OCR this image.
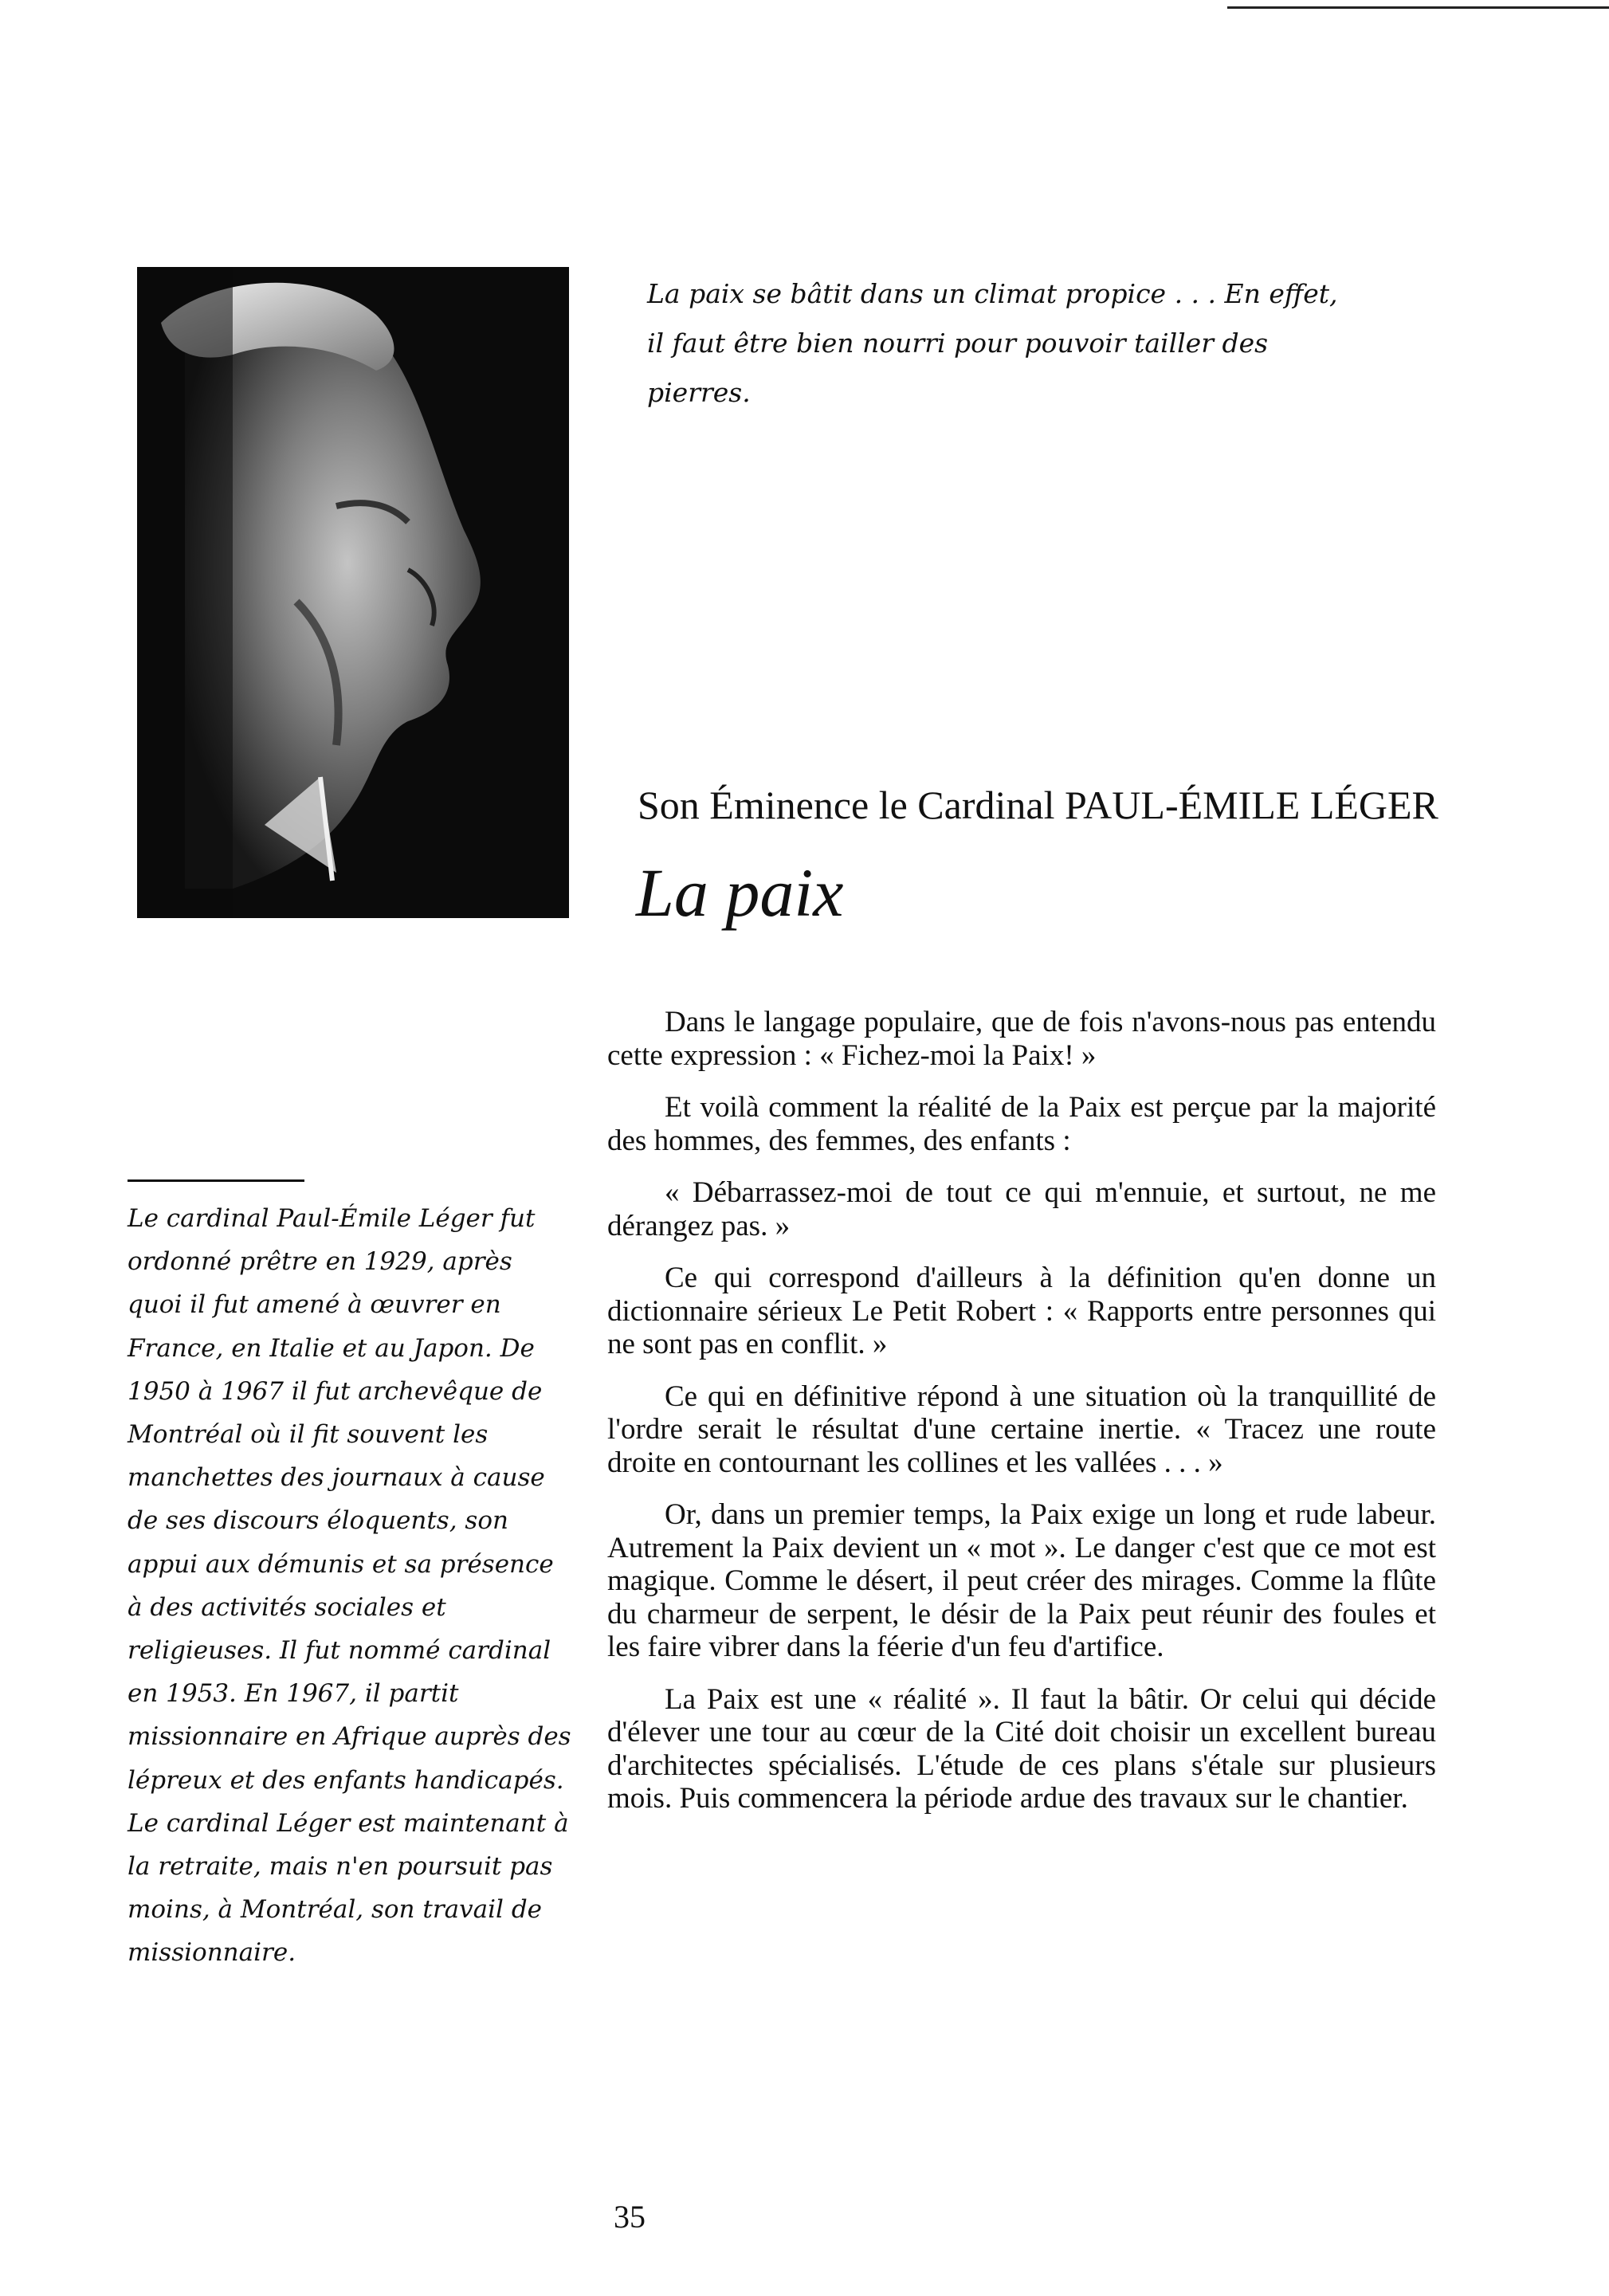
La paix se bâtit dans un climat propice . . . En effet, il faut être bien nourri pour pouvoir tailler des pierres.

Son Éminence le Cardinal PAUL-ÉMILE LÉGER
La paix

Le cardinal Paul-Émile Léger fut ordonné prêtre en 1929, après quoi il fut amené à œuvrer en France, en Italie et au Japon. De 1950 à 1967 il fut archevêque de Montréal où il fit souvent les manchettes des journaux à cause de ses discours éloquents, son appui aux démunis et sa présence à des activités sociales et religieuses. Il fut nommé cardinal en 1953. En 1967, il partit missionnaire en Afrique auprès des lépreux et des enfants handicapés. Le cardinal Léger est maintenant à la retraite, mais n'en poursuit pas moins, à Montréal, son travail de missionnaire.

Dans le langage populaire, que de fois n'avons-nous pas entendu cette expression : « Fichez-moi la Paix! »

Et voilà comment la réalité de la Paix est perçue par la majorité des hommes, des femmes, des enfants :

« Débarrassez-moi de tout ce qui m'ennuie, et surtout, ne me dérangez pas. »

Ce qui correspond d'ailleurs à la définition qu'en donne un dictionnaire sérieux Le Petit Robert : « Rapports entre personnes qui ne sont pas en conflit. »

Ce qui en définitive répond à une situation où la tranquillité de l'ordre serait le résultat d'une certaine inertie. « Tracez une route droite en contournant les collines et les vallées . . . »

Or, dans un premier temps, la Paix exige un long et rude labeur. Autrement la Paix devient un « mot ». Le danger c'est que ce mot est magique. Comme le désert, il peut créer des mirages. Comme la flûte du charmeur de serpent, le désir de la Paix peut réunir des foules et les faire vibrer dans la féerie d'un feu d'artifice.

La Paix est une « réalité ». Il faut la bâtir. Or celui qui décide d'élever une tour au cœur de la Cité doit choisir un excellent bureau d'architectes spécialisés. L'étude de ces plans s'étale sur plusieurs mois. Puis commencera la période ardue des travaux sur le chantier.

35
